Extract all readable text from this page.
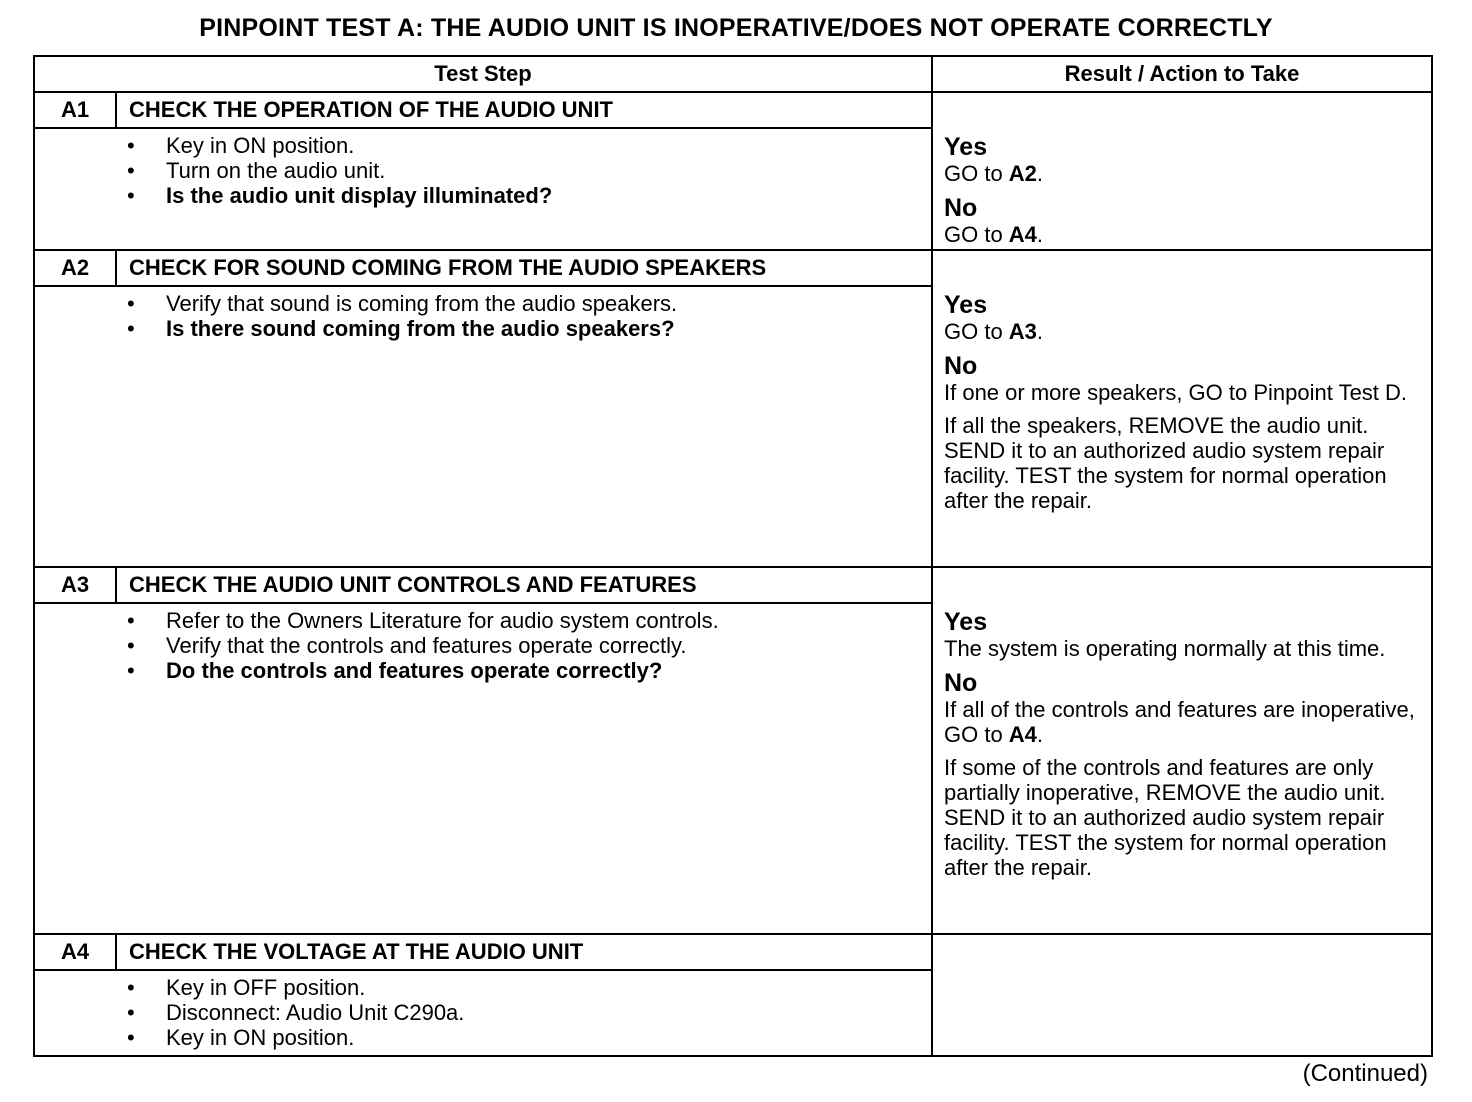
PINPOINT TEST A: THE AUDIO UNIT IS INOPERATIVE/DOES NOT OPERATE CORRECTLY
Test Step	Result / Action to Take
A1	CHECK THE OPERATION OF THE AUDIO UNIT
• Key in ON position.
• Turn on the audio unit.
• Is the audio unit display illuminated?
Yes
GO to A2.
No
GO to A4.
A2	CHECK FOR SOUND COMING FROM THE AUDIO SPEAKERS
• Verify that sound is coming from the audio speakers.
• Is there sound coming from the audio speakers?
Yes
GO to A3.
No
If one or more speakers, GO to Pinpoint Test D.
If all the speakers, REMOVE the audio unit. SEND it to an authorized audio system repair facility. TEST the system for normal operation after the repair.
A3	CHECK THE AUDIO UNIT CONTROLS AND FEATURES
• Refer to the Owners Literature for audio system controls.
• Verify that the controls and features operate correctly.
• Do the controls and features operate correctly?
Yes
The system is operating normally at this time.
No
If all of the controls and features are inoperative, GO to A4.
If some of the controls and features are only partially inoperative, REMOVE the audio unit. SEND it to an authorized audio system repair facility. TEST the system for normal operation after the repair.
A4	CHECK THE VOLTAGE AT THE AUDIO UNIT
• Key in OFF position.
• Disconnect: Audio Unit C290a.
• Key in ON position.
(Continued)
